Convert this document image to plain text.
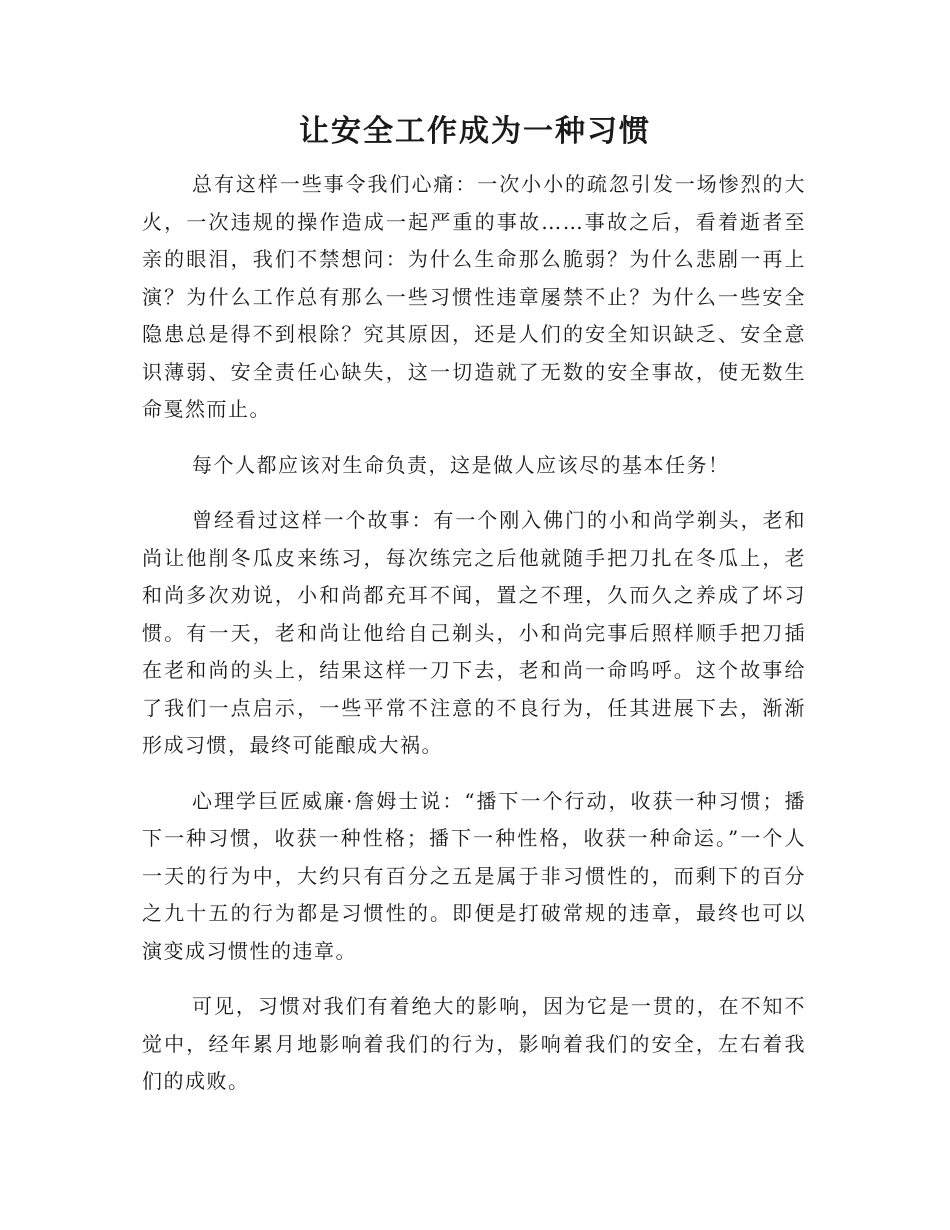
让安全工作成为一种习惯

总有这样一些事令我们心痛：一次小小的疏忽引发一场惨烈的大火，一次违规的操作造成一起严重的事故……事故之后，看着逝者至亲的眼泪，我们不禁想问：为什么生命那么脆弱？为什么悲剧一再上演？为什么工作总有那么一些习惯性违章屡禁不止？为什么一些安全隐患总是得不到根除？究其原因，还是人们的安全知识缺乏、安全意识薄弱、安全责任心缺失，这一切造就了无数的安全事故，使无数生命戛然而止。

每个人都应该对生命负责，这是做人应该尽的基本任务！

曾经看过这样一个故事：有一个刚入佛门的小和尚学剃头，老和尚让他削冬瓜皮来练习，每次练完之后他就随手把刀扎在冬瓜上，老和尚多次劝说，小和尚都充耳不闻，置之不理，久而久之养成了坏习惯。有一天，老和尚让他给自己剃头，小和尚完事后照样顺手把刀插在老和尚的头上，结果这样一刀下去，老和尚一命呜呼。这个故事给了我们一点启示，一些平常不注意的不良行为，任其进展下去，渐渐形成习惯，最终可能酿成大祸。

心理学巨匠威廉·詹姆士说：“播下一个行动，收获一种习惯；播下一种习惯，收获一种性格；播下一种性格，收获一种命运。”一个人一天的行为中，大约只有百分之五是属于非习惯性的，而剩下的百分之九十五的行为都是习惯性的。即便是打破常规的违章，最终也可以演变成习惯性的违章。

可见，习惯对我们有着绝大的影响，因为它是一贯的，在不知不觉中，经年累月地影响着我们的行为，影响着我们的安全，左右着我们的成败。
